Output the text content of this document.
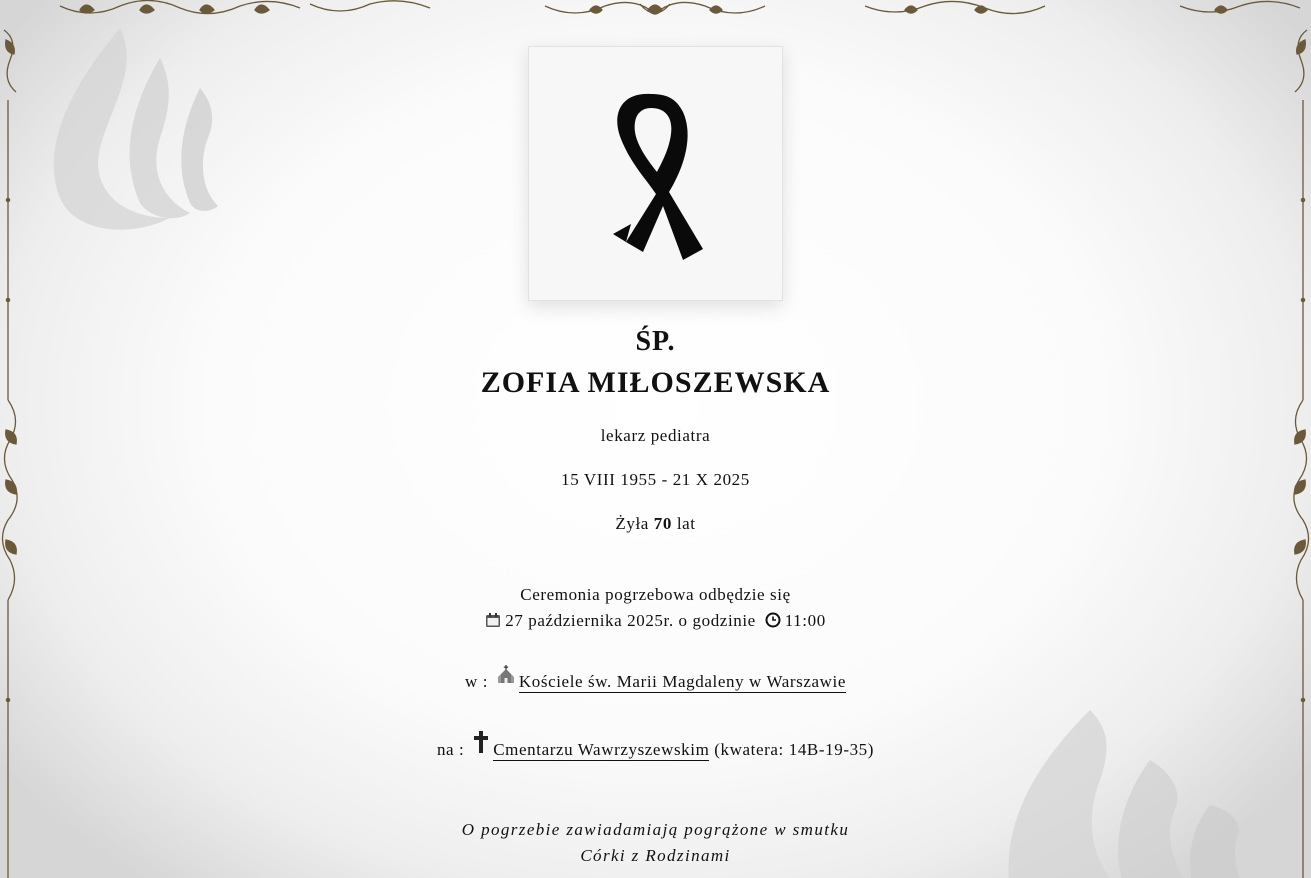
ŚP.
ZOFIA MIŁOSZEWSKA
lekarz pediatra
15 VIII 1955 - 21 X 2025
Żyła 70 lat
Ceremonia pogrzebowa odbędzie się
27 października 2025r. o godzinie 11:00
w : Kościele św. Marii Magdaleny w Warszawie
na : Cmentarzu Wawrzyszewskim (kwatera: 14B-19-35)
O pogrzebie zawiadamiają pogrążone w smutku
Córki z Rodzinami
